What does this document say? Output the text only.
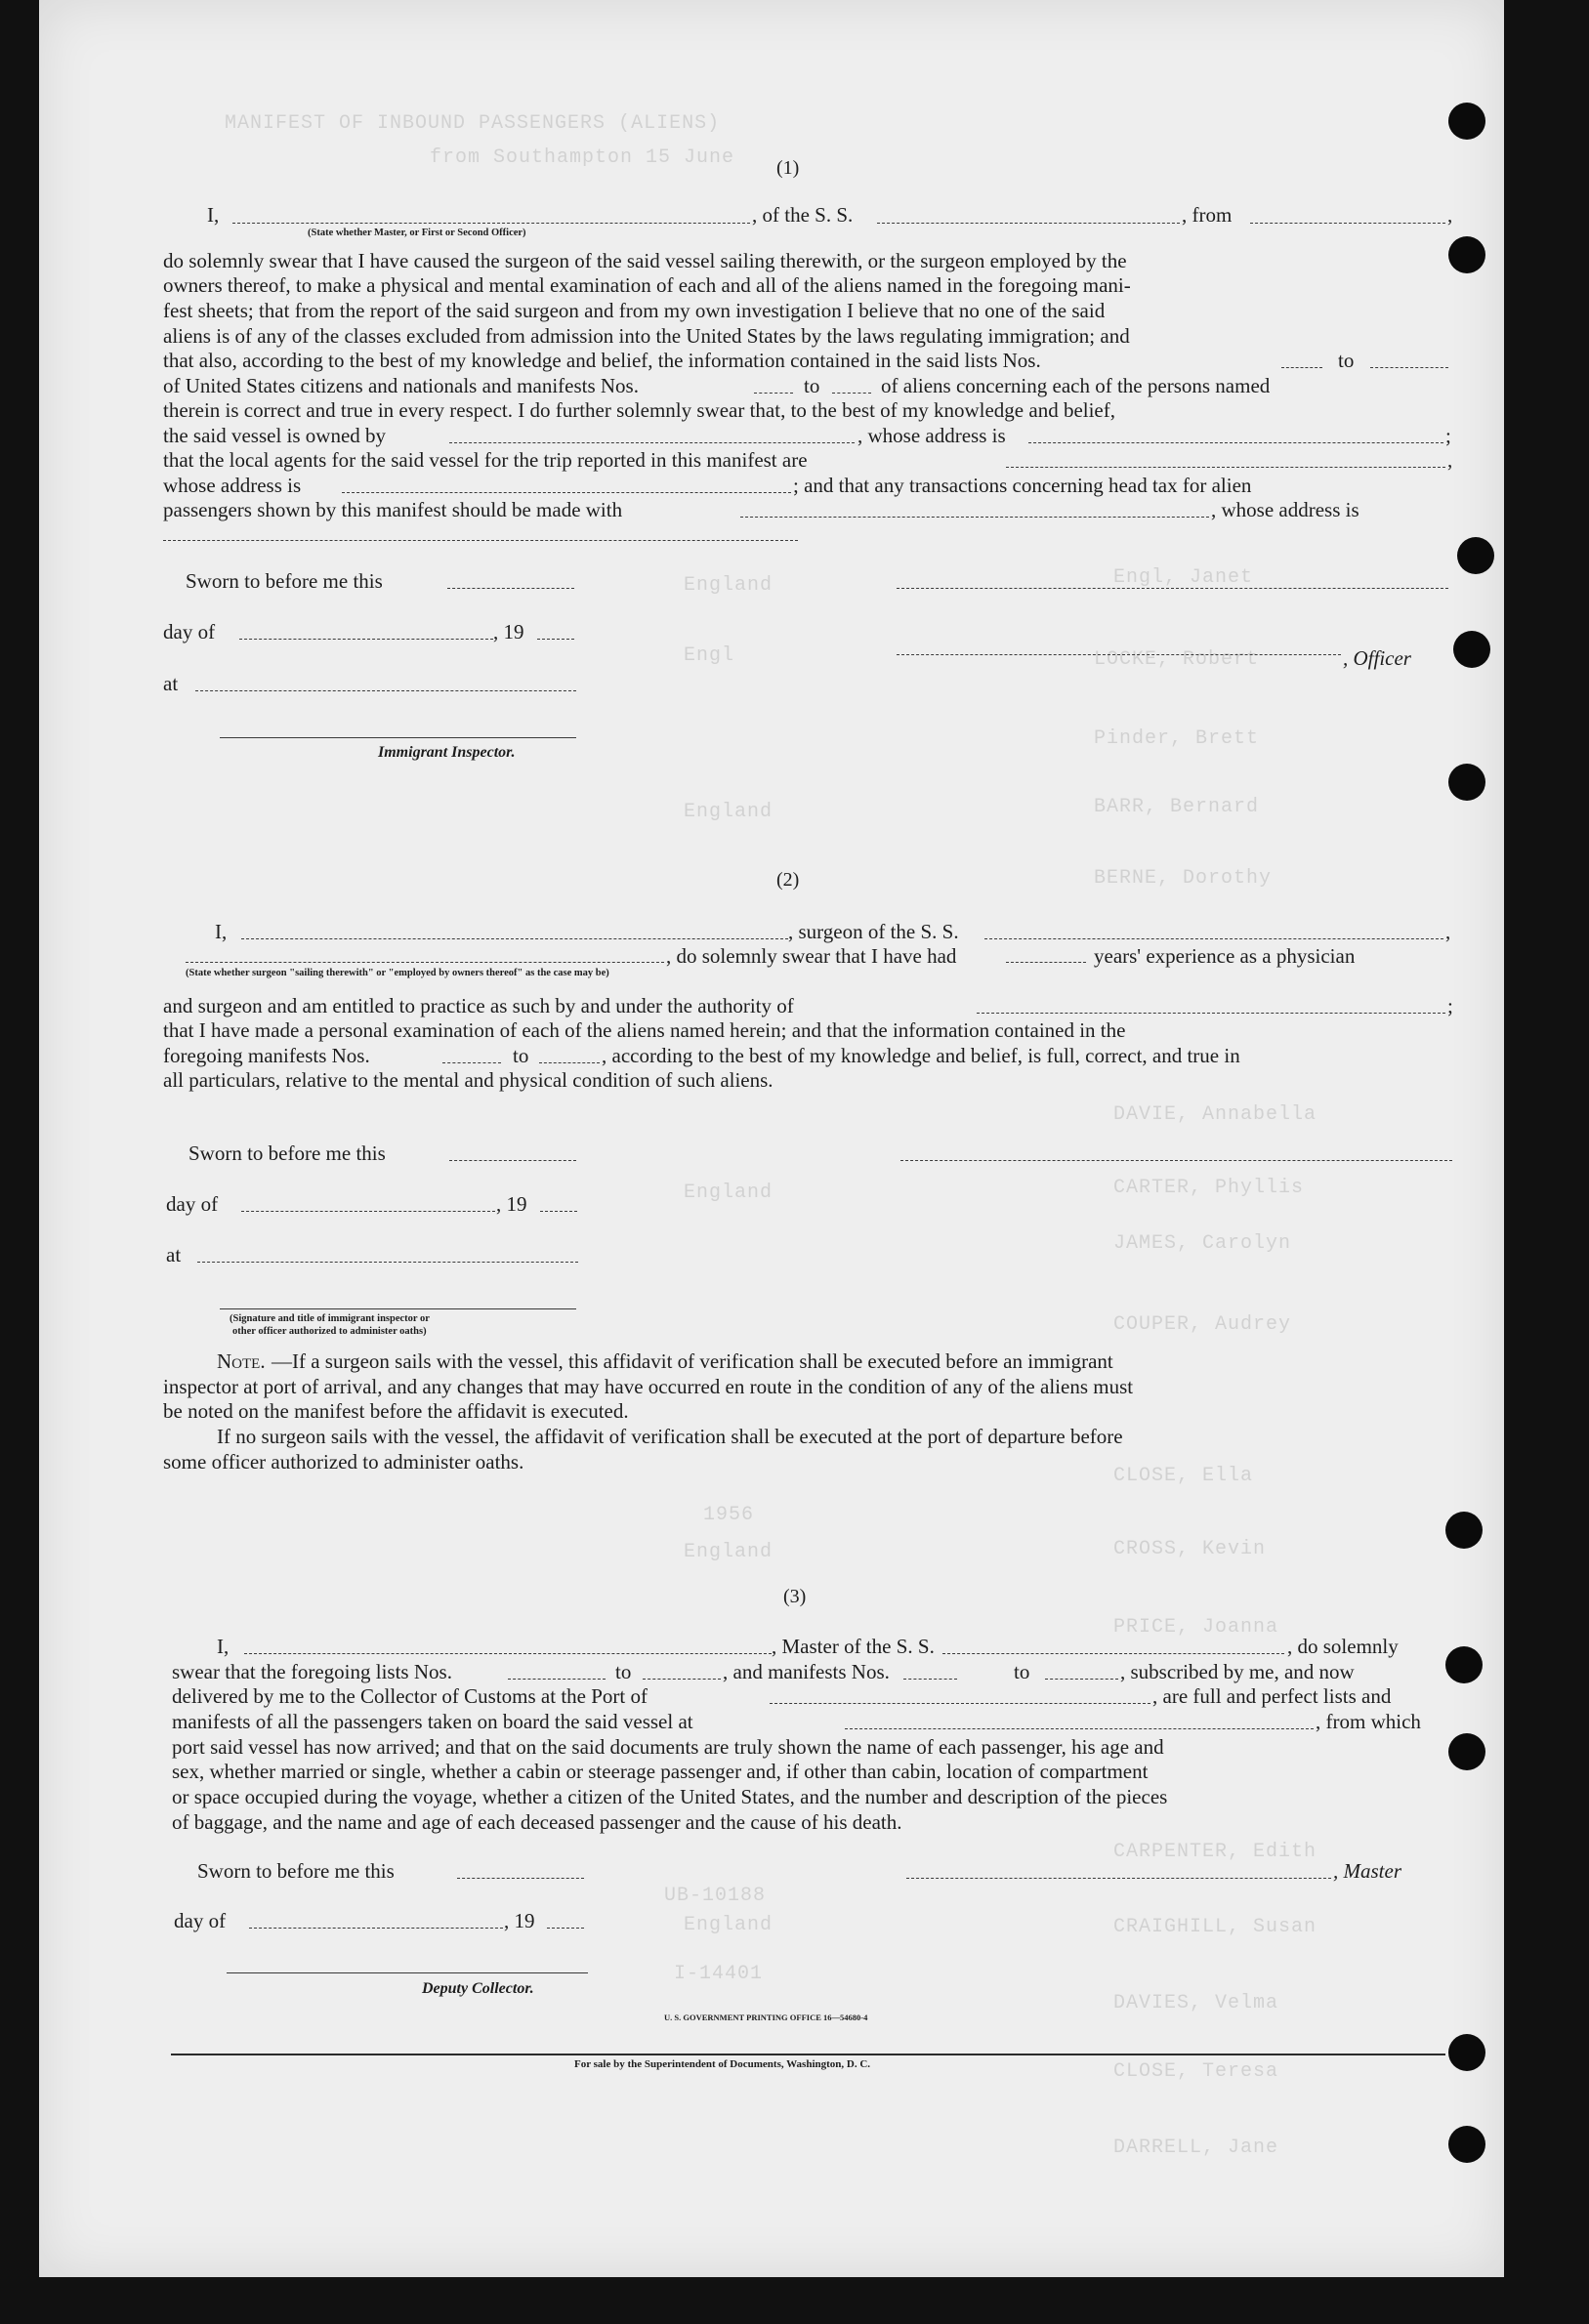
MANIFEST OF INBOUND PASSENGERS (ALIENS)
from Southampton 15 June
Engl, Janet
England
LOCKE, Robert
Engl
Pinder, Brett
BARR, Bernard
England
BERNE, Dorothy
DAVIE, Annabella
CARTER, Phyllis
England
JAMES, Carolyn
COUPER, Audrey
CLOSE, Ella
1956
CROSS, Kevin
England
PRICE, Joanna
CARPENTER, Edith
UB-10188
England	CRAIGHILL, Susan
I-14401
DAVIES, Velma
CLOSE, Teresa
DARRELL, Jane
(1)
I,	, of the S. S.	, from	,
(State whether Master, or First or Second Officer)
do solemnly swear that I have caused the surgeon of the said vessel sailing therewith, or the surgeon employed by the
owners thereof, to make a physical and mental examination of each and all of the aliens named in the foregoing mani-
fest sheets; that from the report of the said surgeon and from my own investigation I believe that no one of the said
aliens is of any of the classes excluded from admission into the United States by the laws regulating immigration; and
that also, according to the best of my knowledge and belief, the information contained in the said lists Nos.	to
of United States citizens and nationals and manifests Nos.	to	of aliens concerning each of the persons named
therein is correct and true in every respect. I do further solemnly swear that, to the best of my knowledge and belief,
the said vessel is owned by	, whose address is	;
that the local agents for the said vessel for the trip reported in this manifest are	,
whose address is	; and that any transactions concerning head tax for alien
passengers shown by this manifest should be made with	, whose address is
Sworn to before me this
day of	, 19
, Officer
at
Immigrant Inspector.
(2)
I,	, surgeon of the S. S.	,
, do solemnly swear that I have had	years' experience as a physician
(State whether surgeon "sailing therewith" or "employed by owners thereof" as the case may be)
and surgeon and am entitled to practice as such by and under the authority of	;
that I have made a personal examination of each of the aliens named herein; and that the information contained in the
foregoing manifests Nos.	to	, according to the best of my knowledge and belief, is full, correct, and true in
all particulars, relative to the mental and physical condition of such aliens.
Sworn to before me this
day of	, 19
at
(Signature and title of immigrant inspector or
other officer authorized to administer oaths)
Note. —If a surgeon sails with the vessel, this affidavit of verification shall be executed before an immigrant
inspector at port of arrival, and any changes that may have occurred en route in the condition of any of the aliens must
be noted on the manifest before the affidavit is executed.
If no surgeon sails with the vessel, the affidavit of verification shall be executed at the port of departure before
some officer authorized to administer oaths.
(3)
I,	, Master of the S. S.	, do solemnly
swear that the foregoing lists Nos.	to	, and manifests Nos.	to	, subscribed by me, and now
delivered by me to the Collector of Customs at the Port of	, are full and perfect lists and
manifests of all the passengers taken on board the said vessel at	, from which
port said vessel has now arrived; and that on the said documents are truly shown the name of each passenger, his age and
sex, whether married or single, whether a cabin or steerage passenger and, if other than cabin, location of compartment
or space occupied during the voyage, whether a citizen of the United States, and the number and description of the pieces
of baggage, and the name and age of each deceased passenger and the cause of his death.
Sworn to before me this	, Master
day of	, 19
Deputy Collector.
U. S. GOVERNMENT PRINTING OFFICE 16—54680-4
For sale by the Superintendent of Documents, Washington, D. C.
